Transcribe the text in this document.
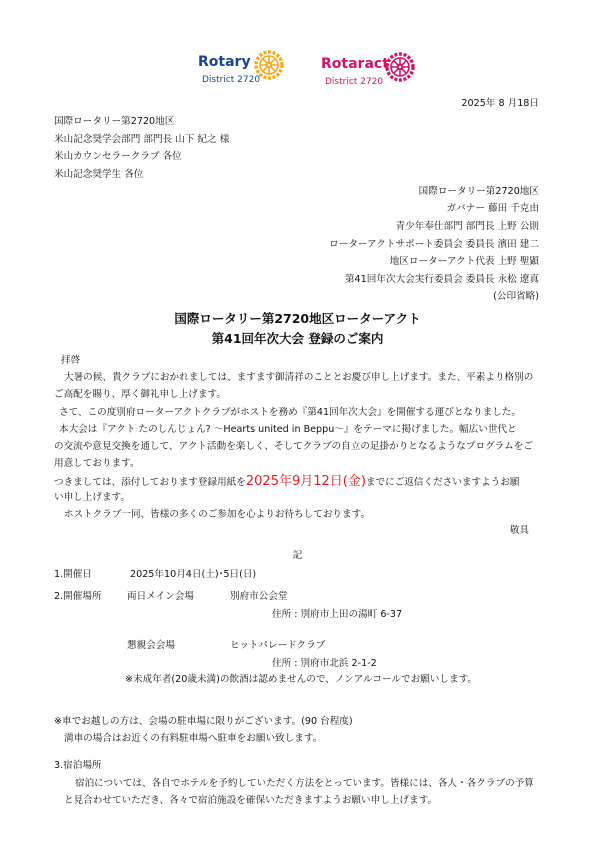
Rotary
District 2720
Rotaract
District 2720
2025年 8 月18日
国際ロータリー第2720地区
米山記念奨学会部門 部門長 山下 紀之 様
米山カウンセラークラブ 各位
米山記念奨学生 各位
国際ロータリー第2720地区
ガバナー 藤田 千克由
青少年奉仕部門 部門長 上野 公則
ローターアクトサポート委員会 委員長 濱田 建二
地区ローターアクト代表 上野 聖顕
第41回年次大会実行委員会 委員長 永松 遼真
(公印省略)
国際ロータリー第2720地区ローターアクト
第41回年次大会 登録のご案内
拝啓
大暑の候、貴クラブにおかれましては、ますます御清祥のこととお慶び申し上げます。また、平素より格別の
ご高配を賜り、厚く御礼申し上げます。
さて、この度別府ローターアクトクラブがホストを務め『第41回年次大会』を開催する運びとなりました。
本大会は『アクト たのしんじょん? ～Hearts united in Beppu～』をテーマに掲げました。幅広い世代と
の交流や意見交換を通して、アクト活動を楽しく、そしてクラブの自立の足掛かりとなるようなプログラムをご
用意しております。
つきましては、添付しております登録用紙を2025年9月12日(金)までにご返信くださいますようお願
い申し上げます。
ホストクラブ一同、皆様の多くのご参加を心よりお待ちしております。
敬具
記
1.開催日	2025年10月4日(土)･5日(日)
2.開催場所	両日メイン会場	別府市公会堂
住所 : 別府市上田の湯町 6-37
懇親会会場	ヒットパレードクラブ
住所 : 別府市北浜 2-1-2
※未成年者(20歳未満)の飲酒は認めませんので、ノンアルコールでお願いします。
※車でお越しの方は、会場の駐車場に限りがございます。(90 台程度)
満車の場合はお近くの有料駐車場へ駐車をお願い致します。
3.宿泊場所
宿泊については、各自でホテルを予約していただく方法をとっています。皆様には、各人・各クラブの予算
と見合わせていただき、各々で宿泊施設を確保いただきますようお願い申し上げます。
